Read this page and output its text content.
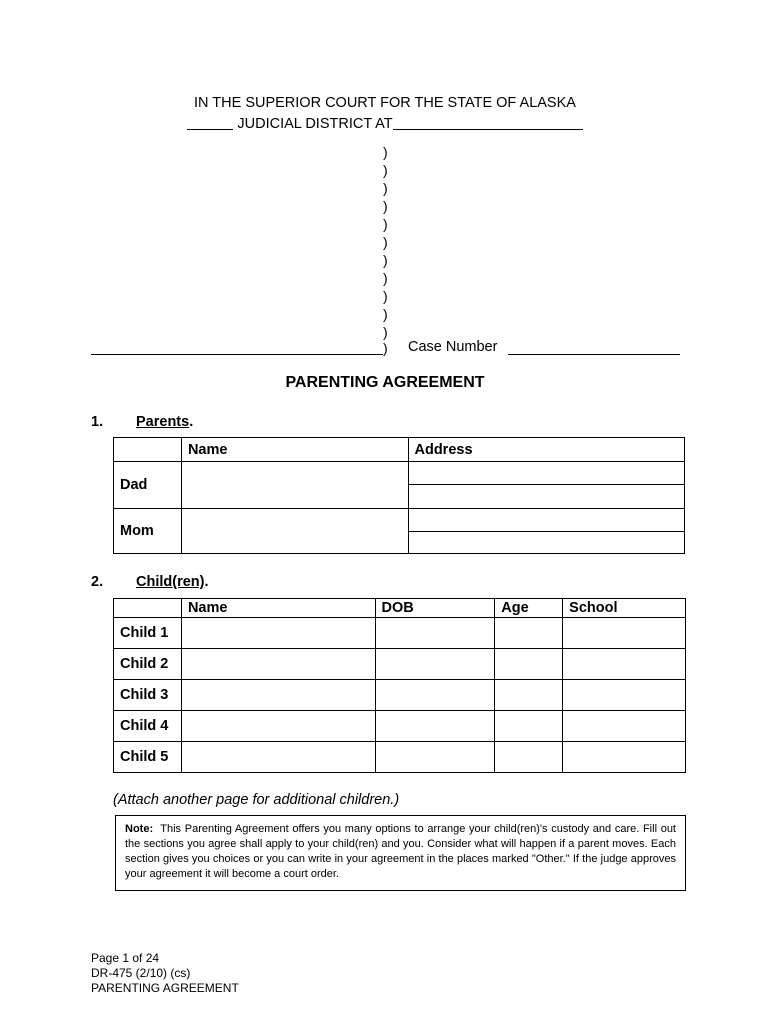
IN THE SUPERIOR COURT FOR THE STATE OF ALASKA
JUDICIAL DISTRICT AT
)
)
)
)
)
)
)
)
)
)
)
) Case Number
PARENTING AGREEMENT
1. Parents.
	Name	Address
Dad		

Mom		

2. Child(ren).
	Name	DOB	Age	School
Child 1				
Child 2				
Child 3				
Child 4				
Child 5				
(Attach another page for additional children.)
Note: This Parenting Agreement offers you many options to arrange your child(ren)'s custody and care. Fill out the sections you agree shall apply to your child(ren) and you. Consider what will happen if a parent moves. Each section gives you choices or you can write in your agreement in the places marked "Other." If the judge approves your agreement it will become a court order.
Page 1 of 24
DR-475 (2/10) (cs)
PARENTING AGREEMENT
